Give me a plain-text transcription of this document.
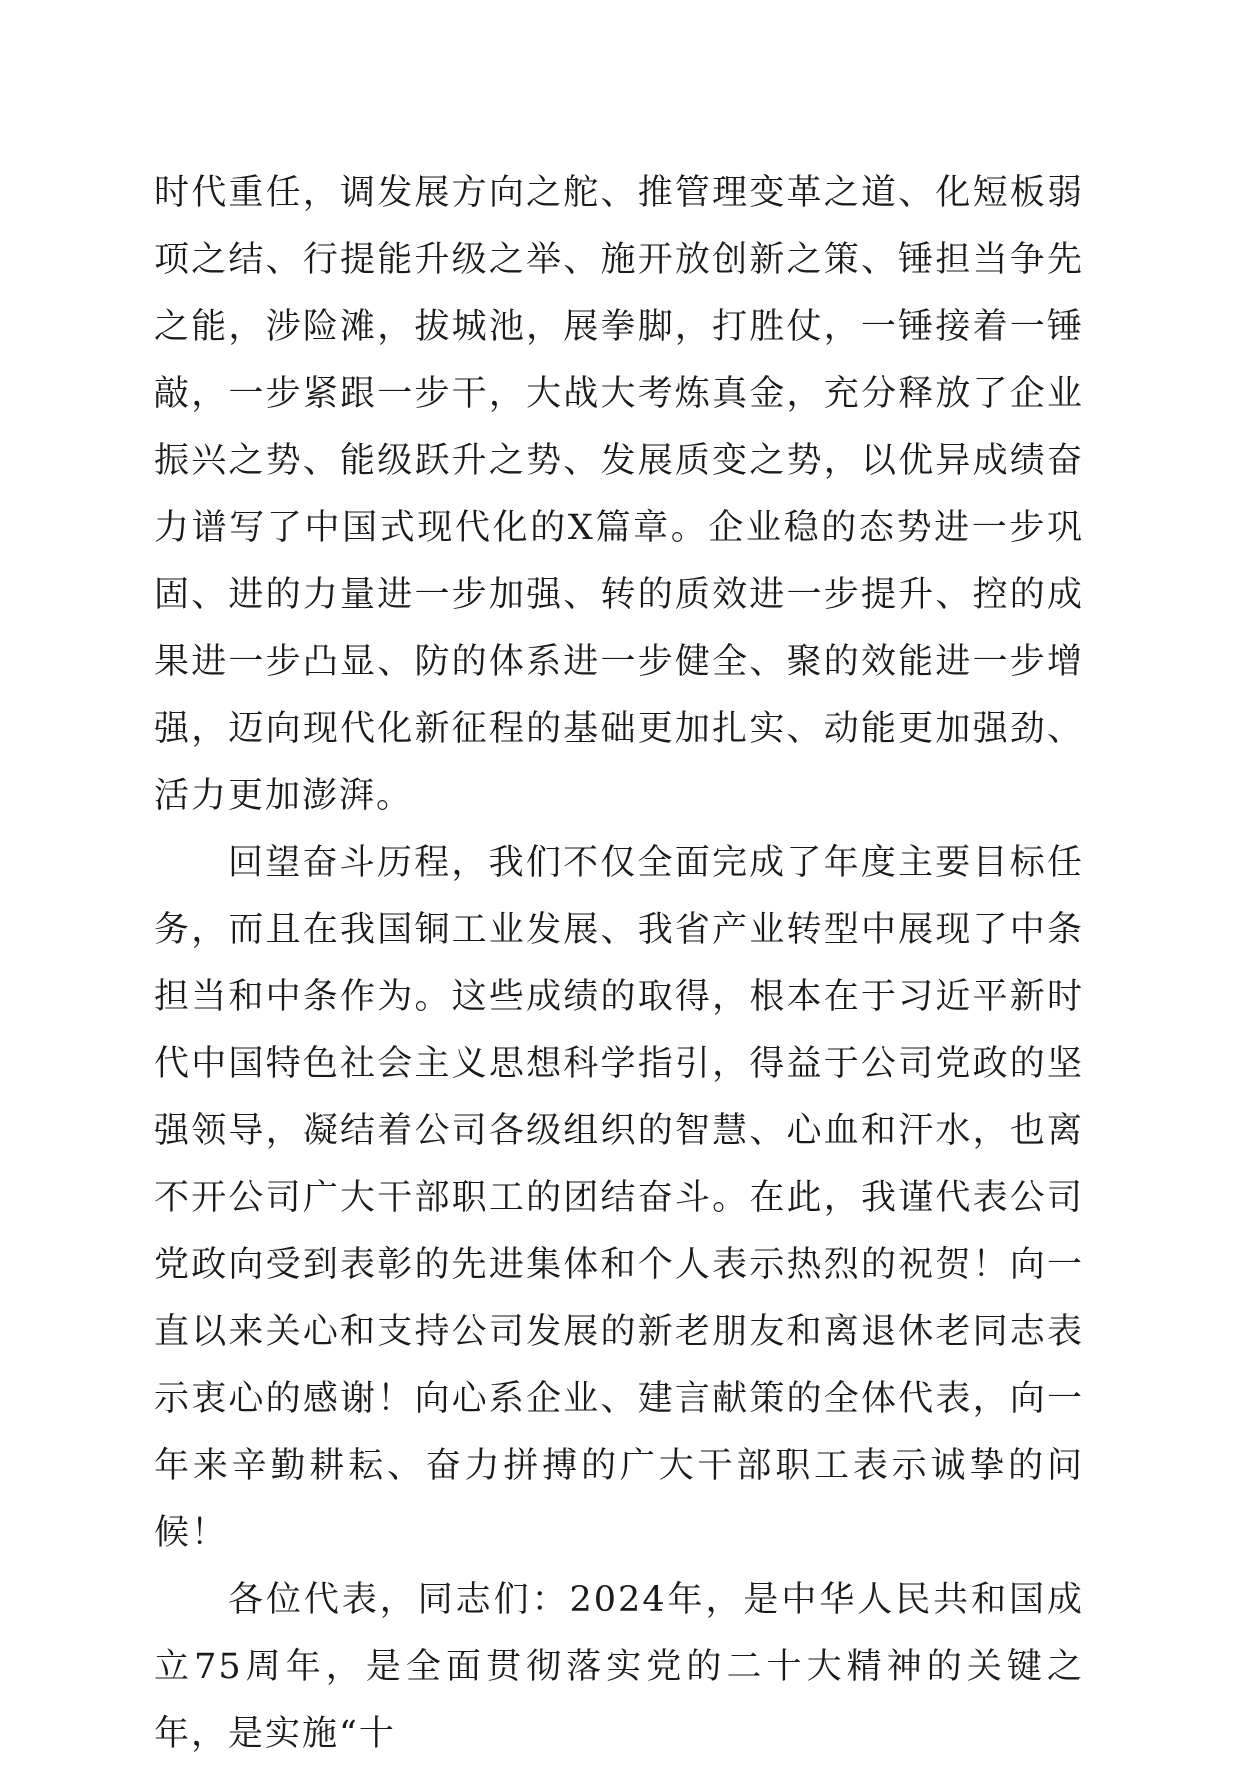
时代重任，调发展方向之舵、推管理变革之道、化短板弱项之结、行提能升级之举、施开放创新之策、锤担当争先之能，涉险滩，拔城池，展拳脚，打胜仗，一锤接着一锤敲，一步紧跟一步干，大战大考炼真金，充分释放了企业振兴之势、能级跃升之势、发展质变之势，以优异成绩奋力谱写了中国式现代化的X篇章。企业稳的态势进一步巩固、进的力量进一步加强、转的质效进一步提升、控的成果进一步凸显、防的体系进一步健全、聚的效能进一步增强，迈向现代化新征程的基础更加扎实、动能更加强劲、活力更加澎湃。

回望奋斗历程，我们不仅全面完成了年度主要目标任务，而且在我国铜工业发展、我省产业转型中展现了中条担当和中条作为。这些成绩的取得，根本在于习近平新时代中国特色社会主义思想科学指引，得益于公司党政的坚强领导，凝结着公司各级组织的智慧、心血和汗水，也离不开公司广大干部职工的团结奋斗。在此，我谨代表公司党政向受到表彰的先进集体和个人表示热烈的祝贺！向一直以来关心和支持公司发展的新老朋友和离退休老同志表示衷心的感谢！向心系企业、建言献策的全体代表，向一年来辛勤耕耘、奋力拼搏的广大干部职工表示诚挚的问候！

各位代表，同志们：2024年，是中华人民共和国成立75周年，是全面贯彻落实党的二十大精神的关键之年，是实施“十
